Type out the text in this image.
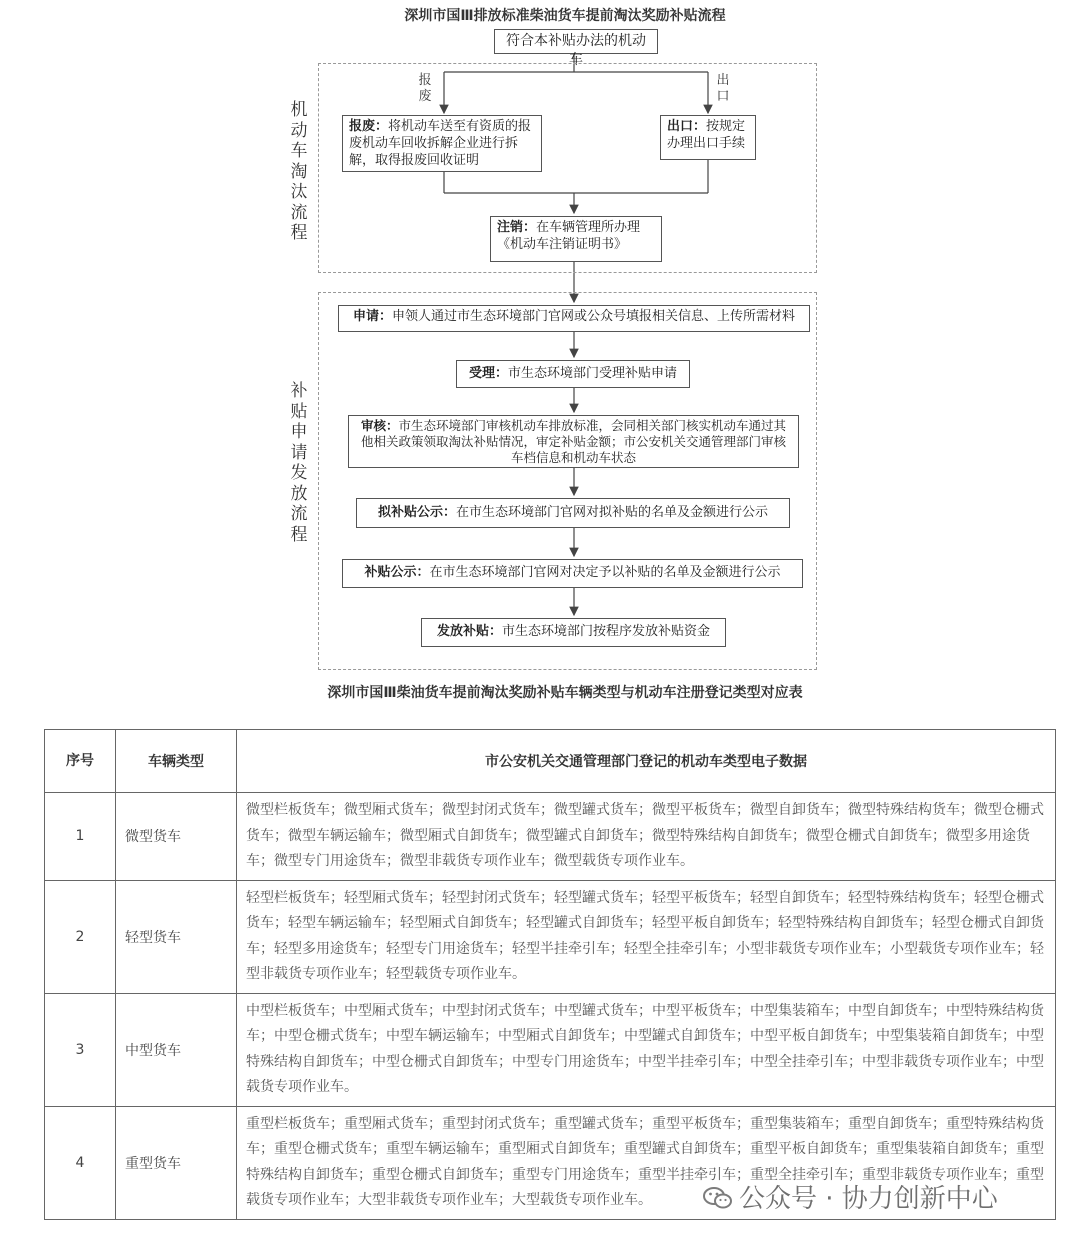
深圳市国Ⅲ排放标准柴油货车提前淘汰奖励补贴流程
符合本补贴办法的机动车
机动车淘汰流程
报废
出口
报废：将机动车送至有资质的报废机动车回收拆解企业进行拆解，取得报废回收证明
出口：按规定办理出口手续
注销：在车辆管理所办理《机动车注销证明书》
补贴申请发放流程
申请：申领人通过市生态环境部门官网或公众号填报相关信息、上传所需材料
受理：市生态环境部门受理补贴申请
审核：市生态环境部门审核机动车排放标准，会同相关部门核实机动车通过其他相关政策领取淘汰补贴情况，审定补贴金额；市公安机关交通管理部门审核车档信息和机动车状态
拟补贴公示：在市生态环境部门官网对拟补贴的名单及金额进行公示
补贴公示：在市生态环境部门官网对决定予以补贴的名单及金额进行公示
发放补贴：市生态环境部门按程序发放补贴资金
深圳市国Ⅲ柴油货车提前淘汰奖励补贴车辆类型与机动车注册登记类型对应表
序号	车辆类型	市公安机关交通管理部门登记的机动车类型电子数据
1	微型货车	微型栏板货车；微型厢式货车；微型封闭式货车；微型罐式货车；微型平板货车；微型自卸货车；微型特殊结构货车；微型仓栅式货车；微型车辆运输车；微型厢式自卸货车；微型罐式自卸货车；微型特殊结构自卸货车；微型仓栅式自卸货车；微型多用途货车；微型专门用途货车；微型非载货专项作业车；微型载货专项作业车。
2	轻型货车	轻型栏板货车；轻型厢式货车；轻型封闭式货车；轻型罐式货车；轻型平板货车；轻型自卸货车；轻型特殊结构货车；轻型仓栅式货车；轻型车辆运输车；轻型厢式自卸货车；轻型罐式自卸货车；轻型平板自卸货车；轻型特殊结构自卸货车；轻型仓栅式自卸货车；轻型多用途货车；轻型专门用途货车；轻型半挂牵引车；轻型全挂牵引车；小型非载货专项作业车；小型载货专项作业车；轻型非载货专项作业车；轻型载货专项作业车。
3	中型货车	中型栏板货车；中型厢式货车；中型封闭式货车；中型罐式货车；中型平板货车；中型集装箱车；中型自卸货车；中型特殊结构货车；中型仓栅式货车；中型车辆运输车；中型厢式自卸货车；中型罐式自卸货车；中型平板自卸货车；中型集装箱自卸货车；中型特殊结构自卸货车；中型仓栅式自卸货车；中型专门用途货车；中型半挂牵引车；中型全挂牵引车；中型非载货专项作业车；中型载货专项作业车。
4	重型货车	重型栏板货车；重型厢式货车；重型封闭式货车；重型罐式货车；重型平板货车；重型集装箱车；重型自卸货车；重型特殊结构货车；重型仓栅式货车；重型车辆运输车；重型厢式自卸货车；重型罐式自卸货车；重型平板自卸货车；重型集装箱自卸货车；重型特殊结构自卸货车；重型仓栅式自卸货车；重型专门用途货车；重型半挂牵引车；重型全挂牵引车；重型非载货专项作业车；重型载货专项作业车；大型非载货专项作业车；大型载货专项作业车。	公众号 · 协力创新中心
